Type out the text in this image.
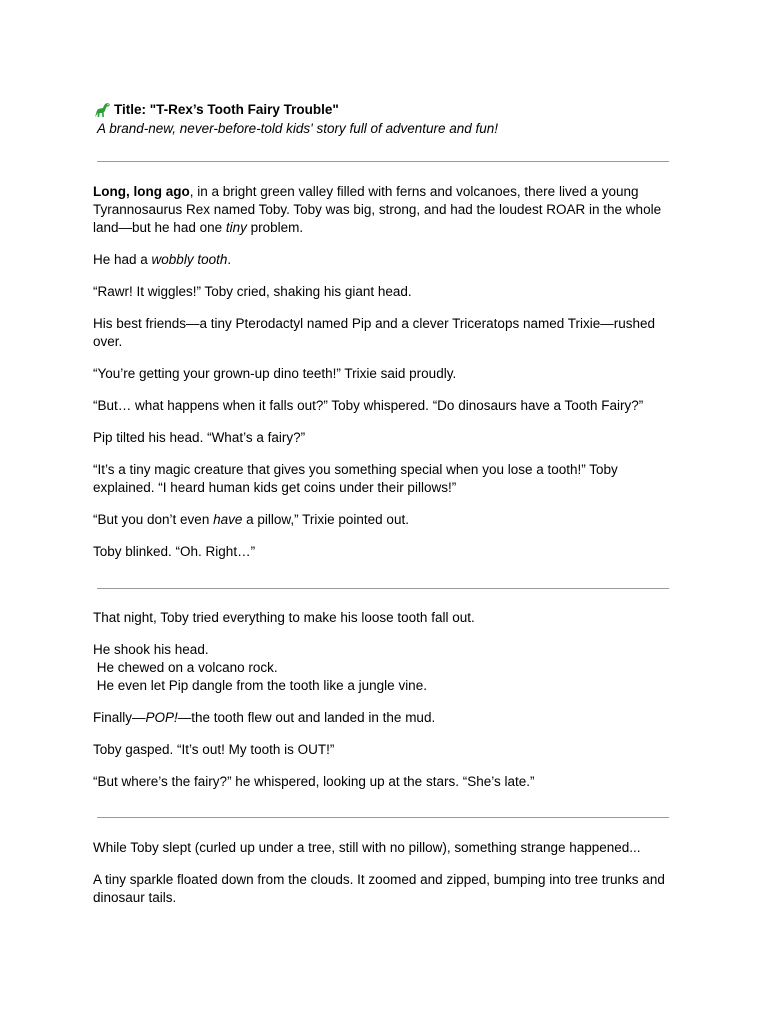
Title: "T-Rex’s Tooth Fairy Trouble"
A brand-new, never-before-told kids' story full of adventure and fun!

Long, long ago, in a bright green valley filled with ferns and volcanoes, there lived a young Tyrannosaurus Rex named Toby. Toby was big, strong, and had the loudest ROAR in the whole land—but he had one tiny problem.

He had a wobbly tooth.

“Rawr! It wiggles!” Toby cried, shaking his giant head.

His best friends—a tiny Pterodactyl named Pip and a clever Triceratops named Trixie—rushed over.

“You’re getting your grown-up dino teeth!” Trixie said proudly.

“But… what happens when it falls out?” Toby whispered. “Do dinosaurs have a Tooth Fairy?”

Pip tilted his head. “What’s a fairy?”

“It’s a tiny magic creature that gives you something special when you lose a tooth!” Toby explained. “I heard human kids get coins under their pillows!”

“But you don’t even have a pillow,” Trixie pointed out.

Toby blinked. “Oh. Right…”

That night, Toby tried everything to make his loose tooth fall out.

He shook his head.
He chewed on a volcano rock.
He even let Pip dangle from the tooth like a jungle vine.

Finally—POP!—the tooth flew out and landed in the mud.

Toby gasped. “It’s out! My tooth is OUT!”

“But where’s the fairy?” he whispered, looking up at the stars. “She’s late.”

While Toby slept (curled up under a tree, still with no pillow), something strange happened...

A tiny sparkle floated down from the clouds. It zoomed and zipped, bumping into tree trunks and dinosaur tails.
